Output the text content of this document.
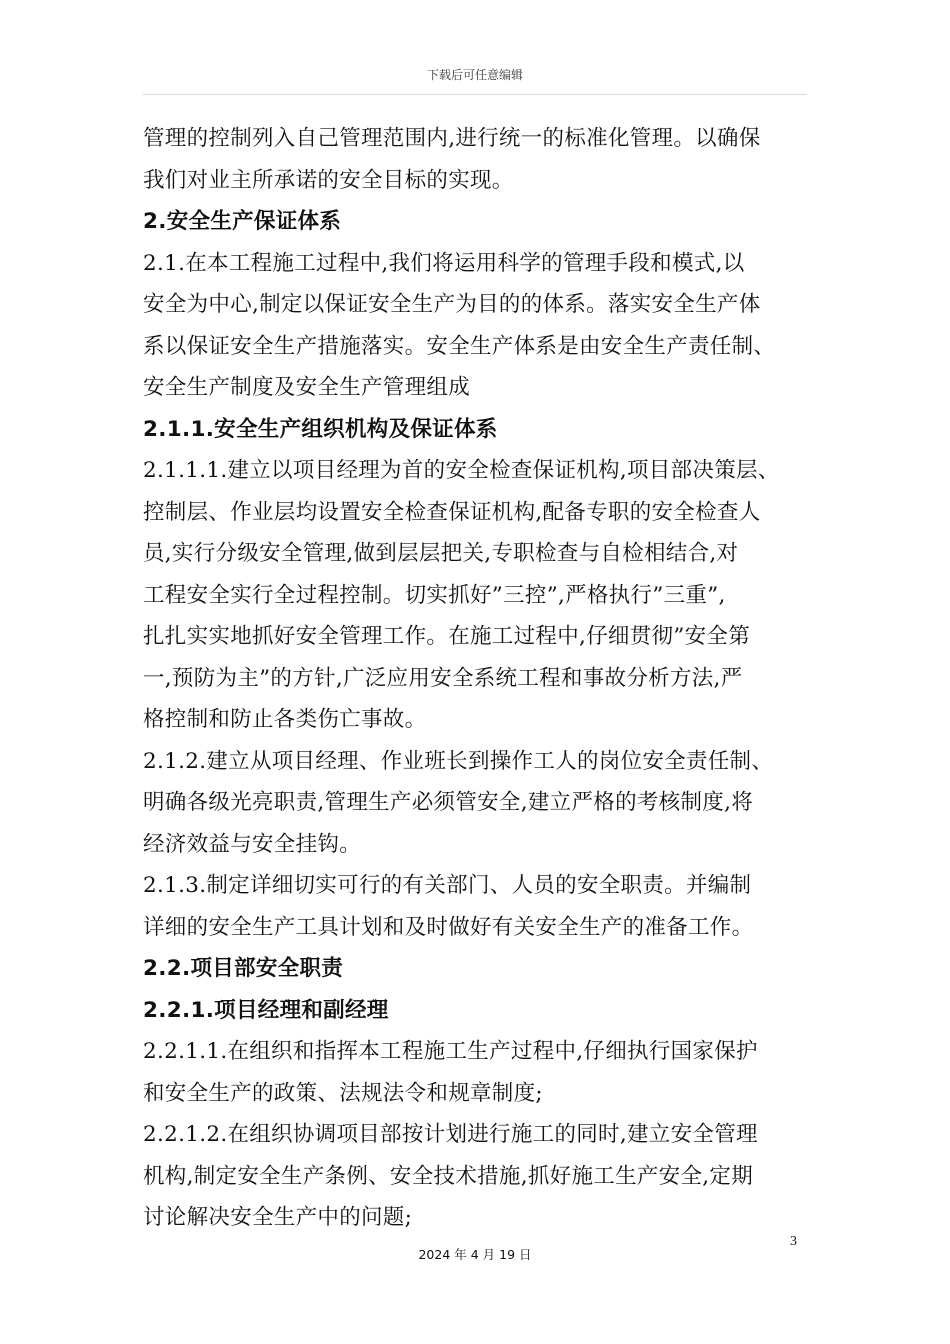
下载后可任意编辑
管理的控制列入自己管理范围内,进行统一的标准化管理。以确保
我们对业主所承诺的安全目标的实现。
2.安全生产保证体系
2.1.在本工程施工过程中,我们将运用科学的管理手段和模式,以
安全为中心,制定以保证安全生产为目的的体系。落实安全生产体
系以保证安全生产措施落实。安全生产体系是由安全生产责任制、
安全生产制度及安全生产管理组成
2.1.1.安全生产组织机构及保证体系
2.1.1.1.建立以项目经理为首的安全检查保证机构,项目部决策层、
控制层、作业层均设置安全检查保证机构,配备专职的安全检查人
员,实行分级安全管理,做到层层把关,专职检查与自检相结合,对
工程安全实行全过程控制。切实抓好”三控”,严格执行”三重”,
扎扎实实地抓好安全管理工作。在施工过程中,仔细贯彻”安全第
一,预防为主”的方针,广泛应用安全系统工程和事故分析方法,严
格控制和防止各类伤亡事故。
2.1.2.建立从项目经理、作业班长到操作工人的岗位安全责任制、
明确各级光亮职责,管理生产必须管安全,建立严格的考核制度,将
经济效益与安全挂钩。
2.1.3.制定详细切实可行的有关部门、人员的安全职责。并编制
详细的安全生产工具计划和及时做好有关安全生产的准备工作。
2.2.项目部安全职责
2.2.1.项目经理和副经理
2.2.1.1.在组织和指挥本工程施工生产过程中,仔细执行国家保护
和安全生产的政策、法规法令和规章制度;
2.2.1.2.在组织协调项目部按计划进行施工的同时,建立安全管理
机构,制定安全生产条例、安全技术措施,抓好施工生产安全,定期
讨论解决安全生产中的问题;
3
2024 年 4 月 19 日
